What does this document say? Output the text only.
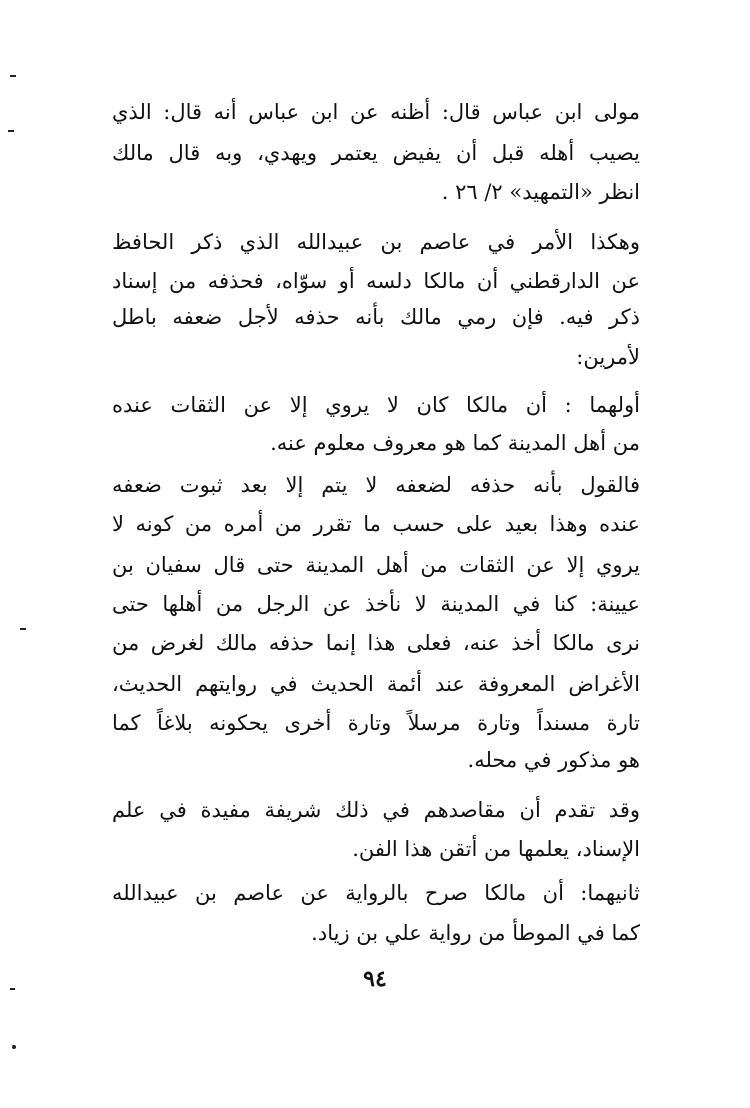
مولى ابن عباس قال: أظنه عن ابن عباس أنه قال: الذي
يصيب أهله قبل أن يفيض يعتمر ويهدي، وبه قال مالك
انظر «التمهيد» ٢/ ٢٦ .
وهكذا الأمر في عاصم بن عبيدالله الذي ذكر الحافظ
عن الدارقطني أن مالكا دلسه أو سوّاه، فحذفه من إسناد
ذكر فيه. فإن رمي مالك بأنه حذفه لأجل ضعفه باطل
لأمرين:
أولهما : أن مالكا كان لا يروي إلا عن الثقات عنده
من أهل المدينة كما هو معروف معلوم عنه.
فالقول بأنه حذفه لضعفه لا يتم إلا بعد ثبوت ضعفه
عنده وهذا بعيد على حسب ما تقرر من أمره من كونه لا
يروي إلا عن الثقات من أهل المدينة حتى قال سفيان بن
عيينة: كنا في المدينة لا نأخذ عن الرجل من أهلها حتى
نرى مالكا أخذ عنه، فعلى هذا إنما حذفه مالك لغرض من
الأغراض المعروفة عند أئمة الحديث في روايتهم الحديث،
تارة مسنداً وتارة مرسلاً وتارة أخرى يحكونه بلاغاً كما
هو مذكور في محله.
وقد تقدم أن مقاصدهم في ذلك شريفة مفيدة في علم
الإسناد، يعلمها من أتقن هذا الفن.
ثانيهما: أن مالكا صرح بالرواية عن عاصم بن عبيدالله
كما في الموطأ من رواية علي بن زياد.
٩٤
